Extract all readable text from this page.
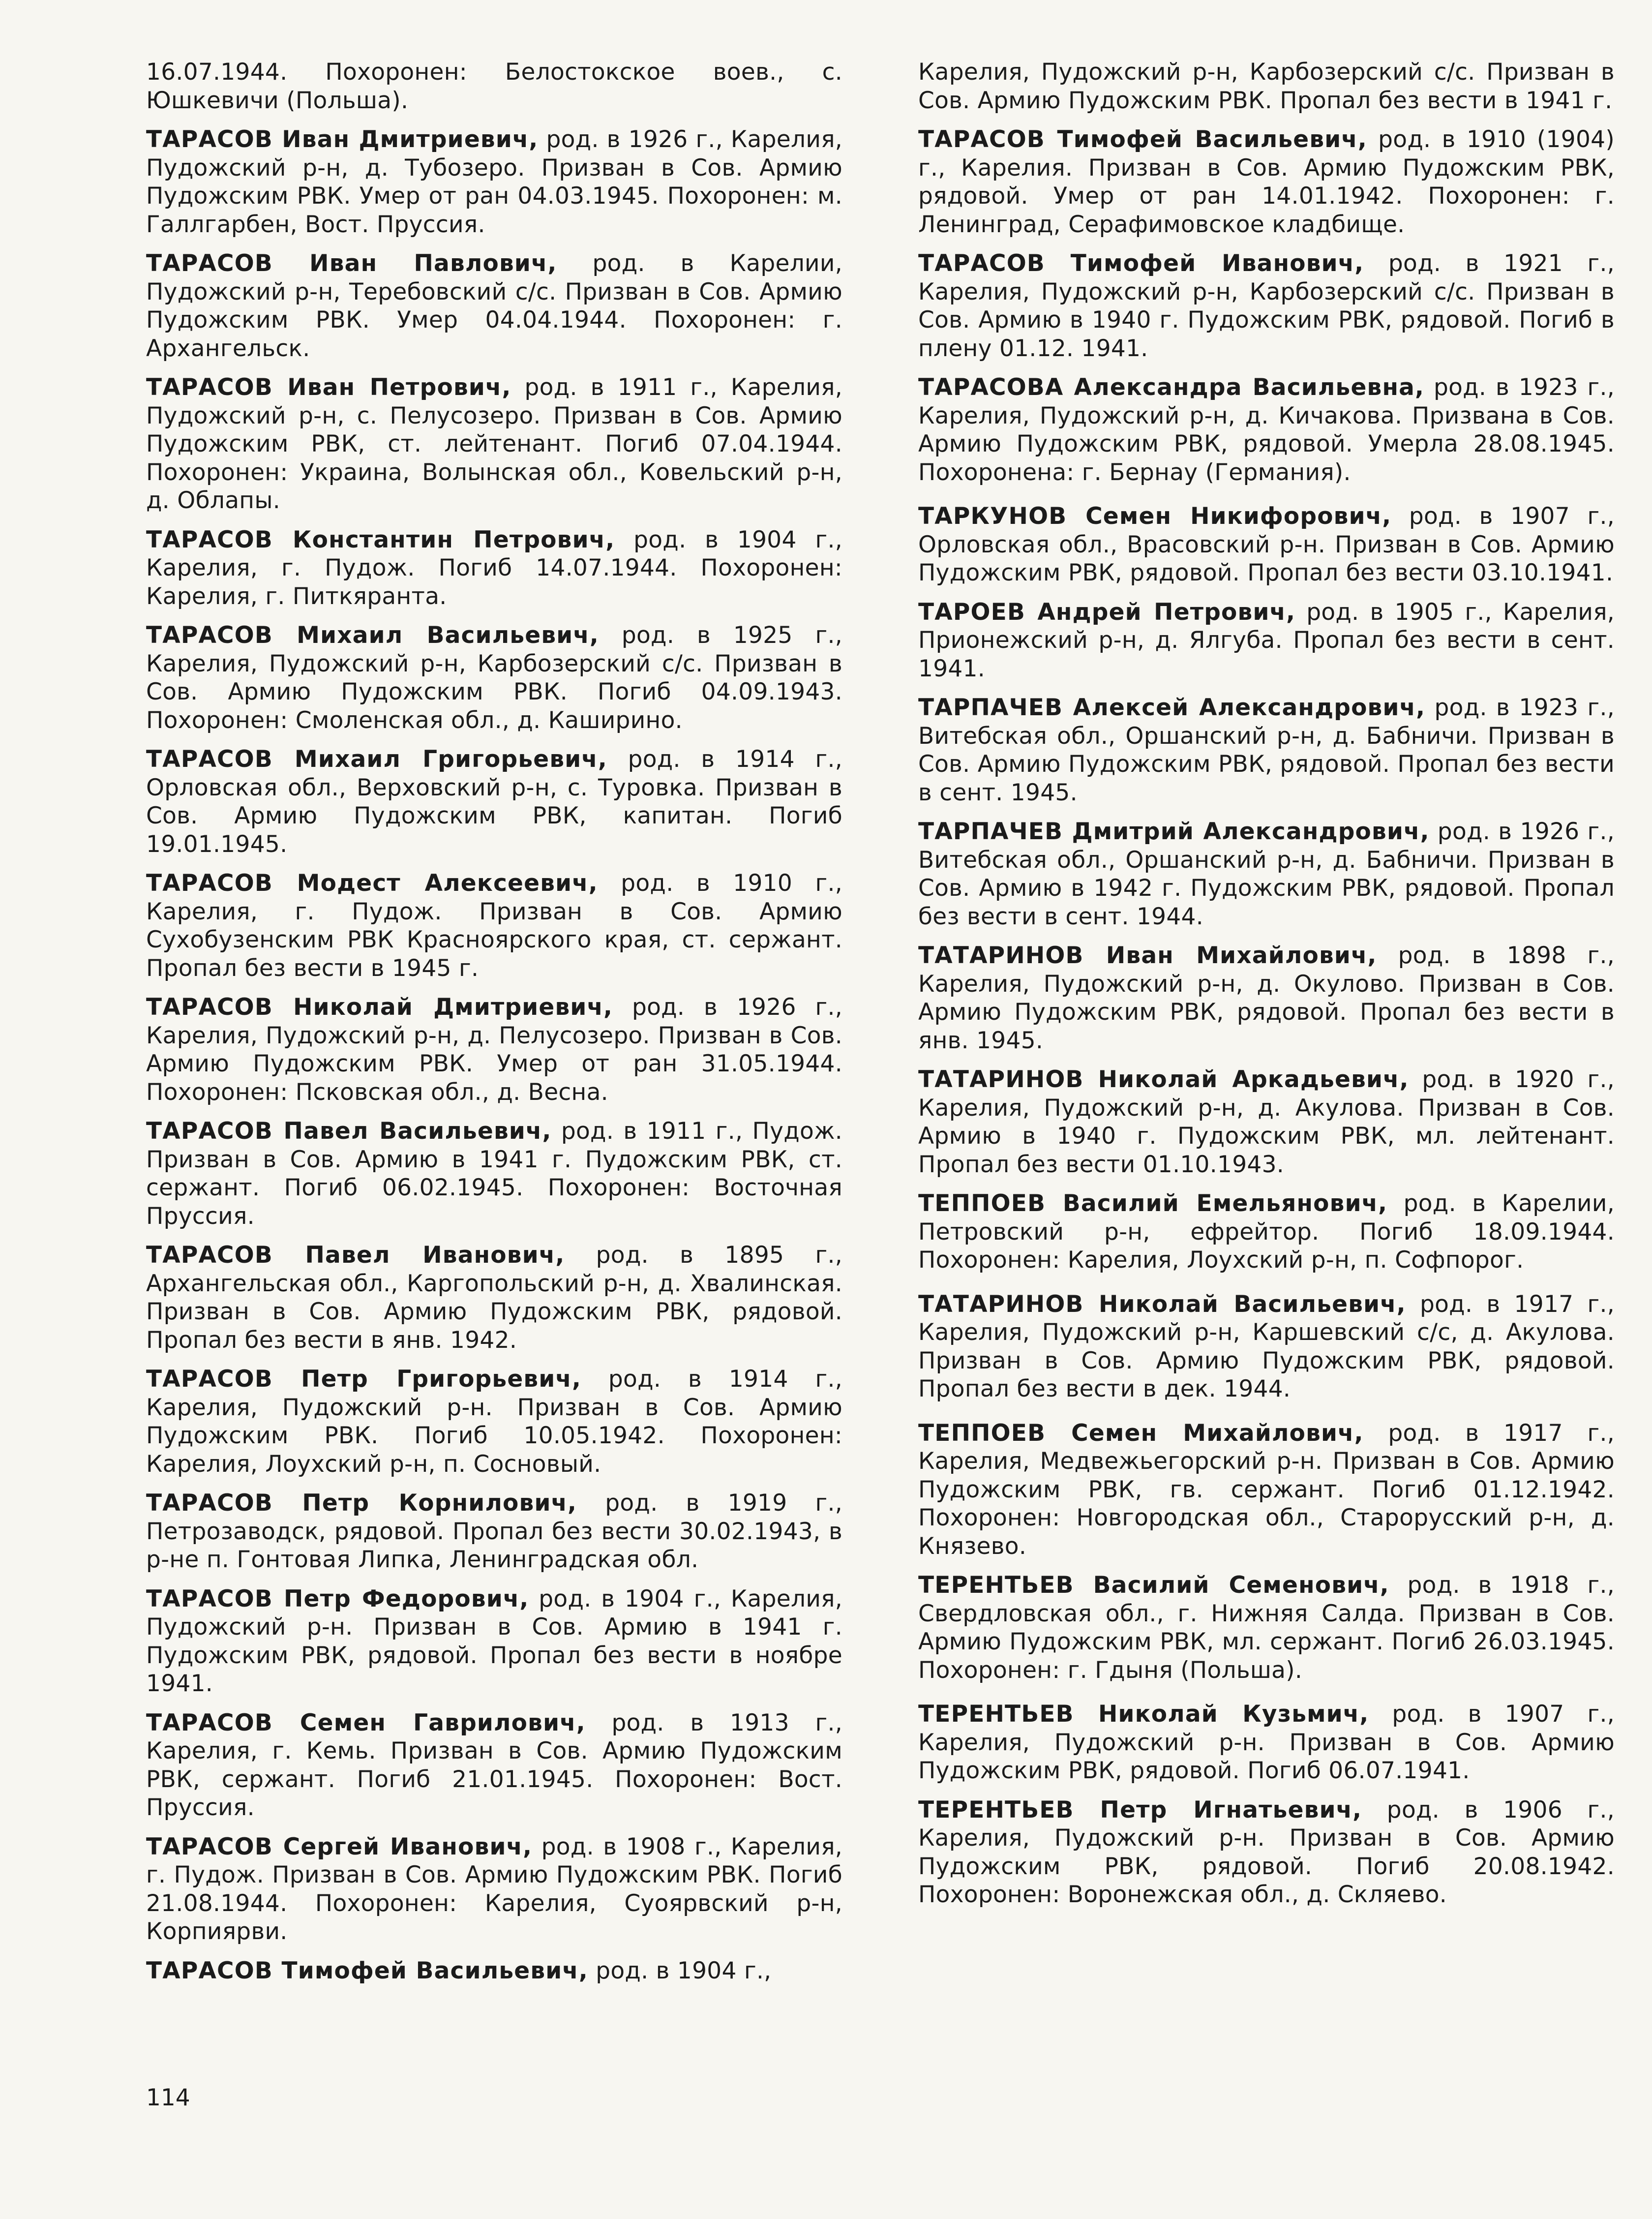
16.07.1944. Похоронен: Белостокское воев., с. Юшкевичи (Польша).

ТАРАСОВ Иван Дмитриевич, род. в 1926 г., Карелия, Пудожский р-н, д. Тубозеро. Призван в Сов. Армию Пудожским РВК. Умер от ран 04.03.1945. Похоронен: м. Галлгарбен, Вост. Пруссия.

ТАРАСОВ Иван Павлович, род. в Карелии, Пудожский р-н, Теребовский с/с. Призван в Сов. Армию Пудожским РВК. Умер 04.04.1944. Похоронен: г. Архангельск.

ТАРАСОВ Иван Петрович, род. в 1911 г., Карелия, Пудожский р-н, с. Пелусозеро. Призван в Сов. Армию Пудожским РВК, ст. лейтенант. Погиб 07.04.1944. Похоронен: Украина, Волынская обл., Ковельский р-н, д. Облапы.

ТАРАСОВ Константин Петрович, род. в 1904 г., Карелия, г. Пудож. Погиб 14.07.1944. Похоронен: Карелия, г. Питкяранта.

ТАРАСОВ Михаил Васильевич, род. в 1925 г., Карелия, Пудожский р-н, Карбозерский с/с. Призван в Сов. Армию Пудожским РВК. Погиб 04.09.1943. Похоронен: Смоленская обл., д. Каширино.

ТАРАСОВ Михаил Григорьевич, род. в 1914 г., Орловская обл., Верховский р-н, с. Туровка. Призван в Сов. Армию Пудожским РВК, капитан. Погиб 19.01.1945.

ТАРАСОВ Модест Алексеевич, род. в 1910 г., Карелия, г. Пудож. Призван в Сов. Армию Сухобузенским РВК Красноярского края, ст. сержант. Пропал без вести в 1945 г.

ТАРАСОВ Николай Дмитриевич, род. в 1926 г., Карелия, Пудожский р-н, д. Пелусозеро. Призван в Сов. Армию Пудожским РВК. Умер от ран 31.05.1944. Похоронен: Псковская обл., д. Весна.

ТАРАСОВ Павел Васильевич, род. в 1911 г., Пудож. Призван в Сов. Армию в 1941 г. Пудожским РВК, ст. сержант. Погиб 06.02.1945. Похоронен: Восточная Пруссия.

ТАРАСОВ Павел Иванович, род. в 1895 г., Архангельская обл., Каргопольский р-н, д. Хвалинская. Призван в Сов. Армию Пудожским РВК, рядовой. Пропал без вести в янв. 1942.

ТАРАСОВ Петр Григорьевич, род. в 1914 г., Карелия, Пудожский р-н. Призван в Сов. Армию Пудожским РВК. Погиб 10.05.1942. Похоронен: Карелия, Лоухский р-н, п. Сосновый.

ТАРАСОВ Петр Корнилович, род. в 1919 г., Петрозаводск, рядовой. Пропал без вести 30.02.1943, в р-не п. Гонтовая Липка, Ленинградская обл.

ТАРАСОВ Петр Федорович, род. в 1904 г., Карелия, Пудожский р-н. Призван в Сов. Армию в 1941 г. Пудожским РВК, рядовой. Пропал без вести в ноябре 1941.

ТАРАСОВ Семен Гаврилович, род. в 1913 г., Карелия, г. Кемь. Призван в Сов. Армию Пудожским РВК, сержант. Погиб 21.01.1945. Похоронен: Вост. Пруссия.

ТАРАСОВ Сергей Иванович, род. в 1908 г., Карелия, г. Пудож. Призван в Сов. Армию Пудожским РВК. Погиб 21.08.1944. Похоронен: Карелия, Суоярвский р-н, Корпиярви.

ТАРАСОВ Тимофей Васильевич, род. в 1904 г.,

Карелия, Пудожский р-н, Карбозерский с/с. Призван в Сов. Армию Пудожским РВК. Пропал без вести в 1941 г.

ТАРАСОВ Тимофей Васильевич, род. в 1910 (1904) г., Карелия. Призван в Сов. Армию Пудожским РВК, рядовой. Умер от ран 14.01.1942. Похоронен: г. Ленинград, Серафимовское кладбище.

ТАРАСОВ Тимофей Иванович, род. в 1921 г., Карелия, Пудожский р-н, Карбозерский с/с. Призван в Сов. Армию в 1940 г. Пудожским РВК, рядовой. Погиб в плену 01.12. 1941.

ТАРАСОВА Александра Васильевна, род. в 1923 г., Карелия, Пудожский р-н, д. Кичакова. Призвана в Сов. Армию Пудожским РВК, рядовой. Умерла 28.08.1945. Похоронена: г. Бернау (Германия).

ТАРКУНОВ Семен Никифорович, род. в 1907 г., Орловская обл., Врасовский р-н. Призван в Сов. Армию Пудожским РВК, рядовой. Пропал без вести 03.10.1941.

ТАРОЕВ Андрей Петрович, род. в 1905 г., Карелия, Прионежский р-н, д. Ялгуба. Пропал без вести в сент. 1941.

ТАРПАЧЕВ Алексей Александрович, род. в 1923 г., Витебская обл., Оршанский р-н, д. Бабничи. Призван в Сов. Армию Пудожским РВК, рядовой. Пропал без вести в сент. 1945.

ТАРПАЧЕВ Дмитрий Александрович, род. в 1926 г., Витебская обл., Оршанский р-н, д. Бабничи. Призван в Сов. Армию в 1942 г. Пудожским РВК, рядовой. Пропал без вести в сент. 1944.

ТАТАРИНОВ Иван Михайлович, род. в 1898 г., Карелия, Пудожский р-н, д. Окулово. Призван в Сов. Армию Пудожским РВК, рядовой. Пропал без вести в янв. 1945.

ТАТАРИНОВ Николай Аркадьевич, род. в 1920 г., Карелия, Пудожский р-н, д. Акулова. Призван в Сов. Армию в 1940 г. Пудожским РВК, мл. лейтенант. Пропал без вести 01.10.1943.

ТЕППОЕВ Василий Емельянович, род. в Карелии, Петровский р-н, ефрейтор. Погиб 18.09.1944. Похоронен: Карелия, Лоухский р-н, п. Софпорог.

ТАТАРИНОВ Николай Васильевич, род. в 1917 г., Карелия, Пудожский р-н, Каршевский с/с, д. Акулова. Призван в Сов. Армию Пудожским РВК, рядовой. Пропал без вести в дек. 1944.

ТЕППОЕВ Семен Михайлович, род. в 1917 г., Карелия, Медвежьегорский р-н. Призван в Сов. Армию Пудожским РВК, гв. сержант. Погиб 01.12.1942. Похоронен: Новгородская обл., Старорусский р-н, д. Князево.

ТЕРЕНТЬЕВ Василий Семенович, род. в 1918 г., Свердловская обл., г. Нижняя Салда. Призван в Сов. Армию Пудожским РВК, мл. сержант. Погиб 26.03.1945. Похоронен: г. Гдыня (Польша).

ТЕРЕНТЬЕВ Николай Кузьмич, род. в 1907 г., Карелия, Пудожский р-н. Призван в Сов. Армию Пудожским РВК, рядовой. Погиб 06.07.1941.

ТЕРЕНТЬЕВ Петр Игнатьевич, род. в 1906 г., Карелия, Пудожский р-н. Призван в Сов. Армию Пудожским РВК, рядовой. Погиб 20.08.1942. Похоронен: Воронежская обл., д. Скляево.

114
